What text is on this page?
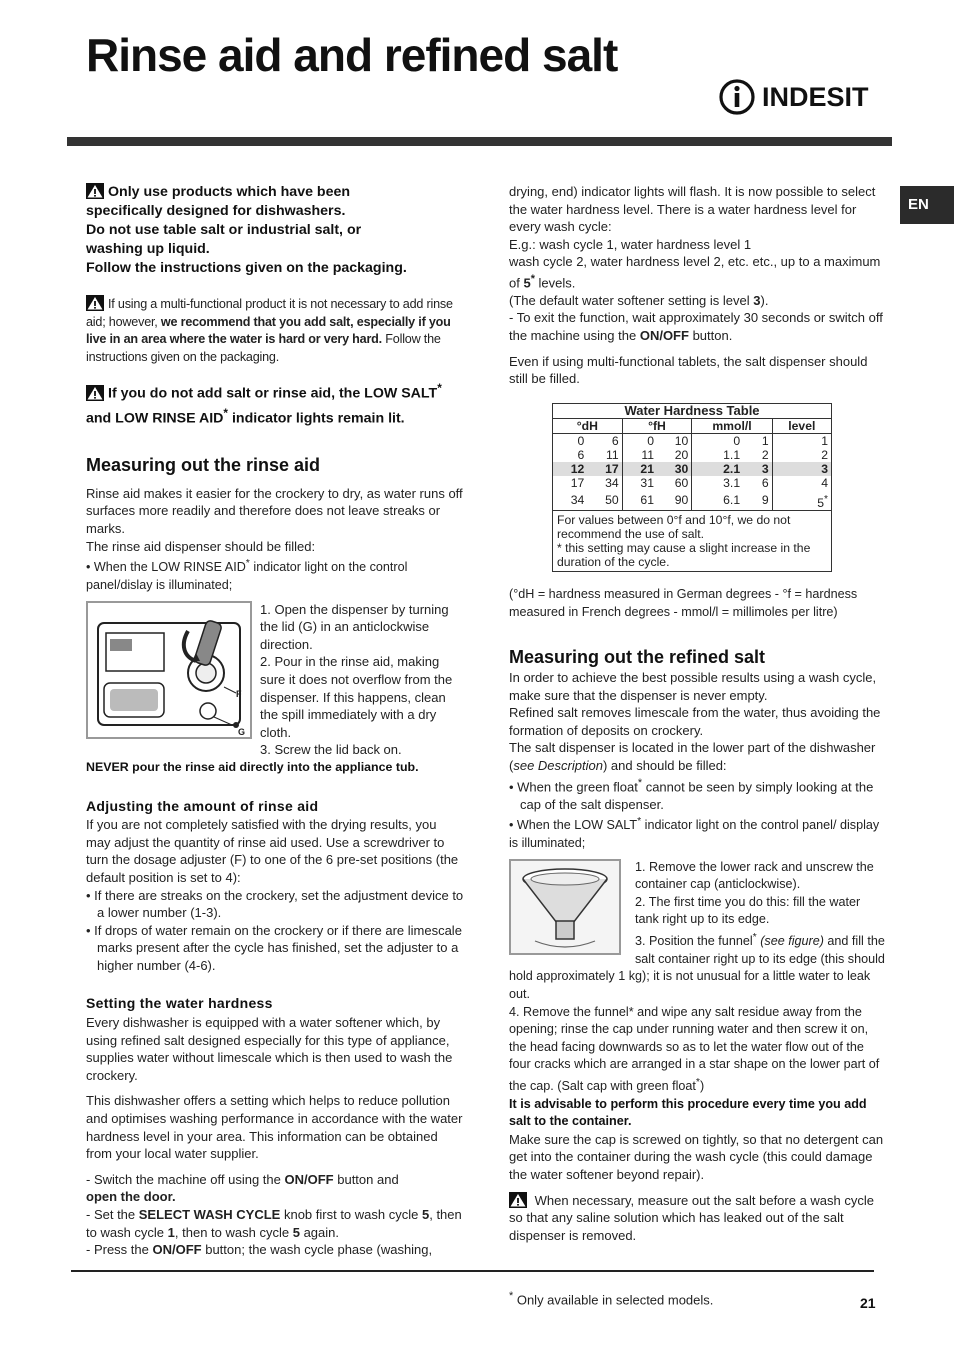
Rinse aid and refined salt
INDESIT
EN

Only use products which have been

specifically designed for dishwashers.

Do not use table salt or industrial salt, or

washing up liquid.

Follow the instructions given on the packaging.

If using a multi-functional product it is not necessary to add rinse aid; however, we recommend that you add salt, especially if you live in an area where the water is hard or very hard. Follow the instructions given on the packaging.

If you do not add salt or rinse aid, the LOW SALT* and LOW RINSE AID* indicator lights remain lit.

Measuring out the rinse aid

Rinse aid makes it easier for the crockery to dry, as water runs off surfaces more readily and therefore does not leave streaks or marks.

The rinse aid dispenser should be filled:

• When the LOW RINSE AID* indicator light on the control panel/dislay is illuminated;

F
G

1. Open the dispenser by turning the lid (G) in an anticlockwise direction.

2. Pour in the rinse aid, making sure it does not overflow from the dispenser. If this happens, clean the spill immediately with a dry cloth.

3. Screw the lid back on.

NEVER pour the rinse aid directly into the appliance tub.

Adjusting the amount of rinse aid

If you are not completely satisfied with the drying results, you may adjust the quantity of rinse aid used. Use a screwdriver to turn the dosage adjuster (F) to one of the 6 pre-set positions (the default position is set to 4):

• If there are streaks on the crockery, set the adjustment device to a lower number (1-3).

• If drops of water remain on the crockery or if there are limescale marks present after the cycle has finished, set the adjuster to a higher number (4-6).

Setting the water hardness

Every dishwasher is equipped with a water softener which, by using refined salt designed especially for this type of appliance, supplies water without limescale which is then used to wash the crockery.

This dishwasher offers a setting which helps to reduce pollution and optimises washing performance in accordance with the water hardness level in your area. This information can be obtained from your local water supplier.

- Switch the machine off using the ON/OFF button and
open the door.

- Set the SELECT WASH CYCLE knob first to wash cycle 5, then to wash cycle 1, then to wash cycle 5 again.

- Press the ON/OFF button; the wash cycle phase (washing,

drying, end) indicator lights will flash. It is now possible to select the water hardness level. There is a water hardness level for every wash cycle:

E.g.: wash cycle 1, water hardness level 1

wash cycle 2, water hardness level 2, etc. etc., up to a maximum of 5* levels.

(The default water softener setting is level 3).

- To exit the function, wait approximately 30 seconds or switch off the machine using the ON/OFF button.

Even if using multi-functional tablets, the salt dispenser should still be filled.

Water Hardness Table						
°dH		°fH		mmol/l		level
0	6	0	10	0	1	1
6	11	11	20	1.1	2	2
12	17	21	30	2.1	3	3
17	34	31	60	3.1	6	4
34	50	61	90	6.1	9	5*

For values between 0°f and 10°f, we do not recommend the use of salt.
* this setting may cause a slight increase in the duration of the cycle.						

(°dH = hardness measured in German degrees - °f = hardness measured in French degrees - mmol/l = millimoles per litre)

Measuring out the refined salt

In order to achieve the best possible results using a wash cycle, make sure that the dispenser is never empty.

Refined salt removes limescale from the water, thus avoiding the formation of deposits on crockery.

The salt dispenser is located in the lower part of the dishwasher (see Description) and should be filled:

• When the green float* cannot be seen by simply looking at the cap of the salt dispenser.

• When the LOW SALT* indicator light on the control panel/ display is illuminated;

1. Remove the lower rack and unscrew the container cap (anticlockwise).

2. The first time you do this: fill the water tank right up to its edge.

3. Position the funnel* (see figure) and fill the salt container right up to its edge (this should hold approximately 1 kg); it is not unusual for a little water to leak out.

4. Remove the funnel* and wipe any salt residue away from the opening; rinse the cap under running water and then screw it on, the head facing downwards so as to let the water flow out of the four cracks which are arranged in a star shape on the lower part of the cap. (Salt cap with green float*)

It is advisable to perform this procedure every time you add salt to the container.

Make sure the cap is screwed on tightly, so that no detergent can get into the container during the wash cycle (this could damage the water softener beyond repair).

When necessary, measure out the salt before a wash cycle so that any saline solution which has leaked out of the salt dispenser is removed.

* Only available in selected models.	21
